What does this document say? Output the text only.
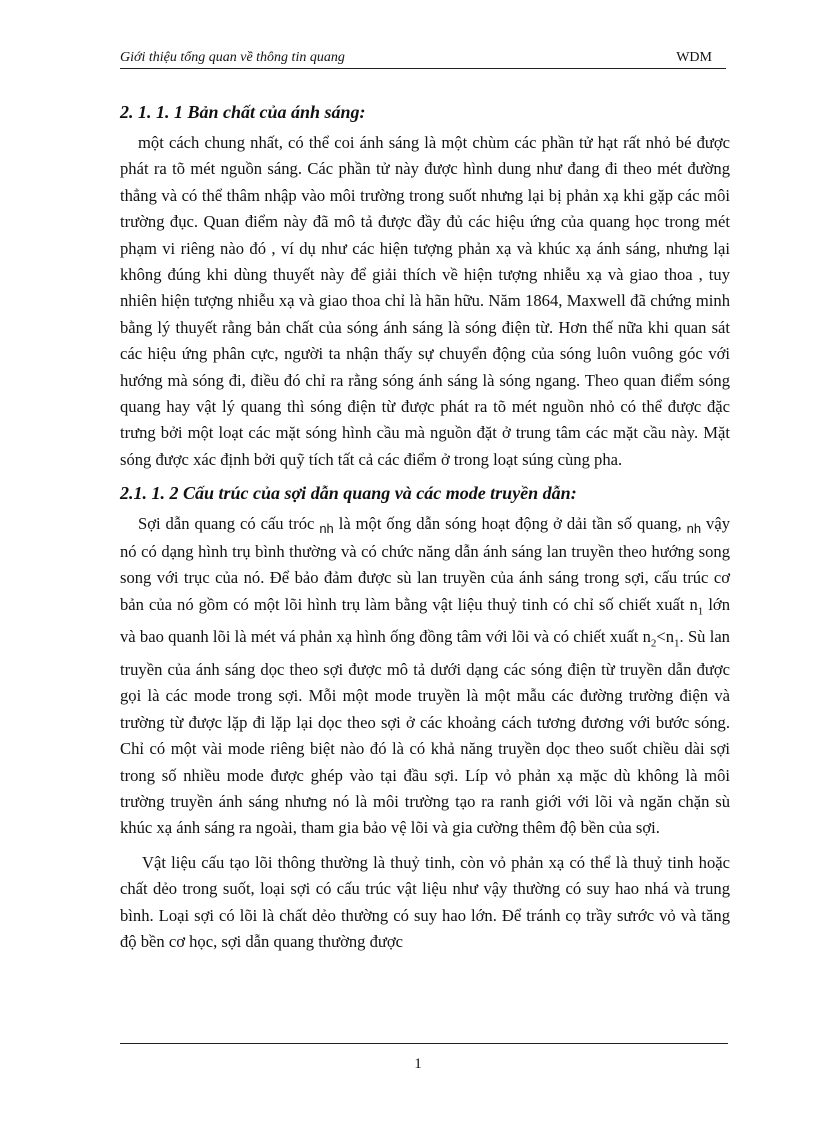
Giới thiệu tổng quan về thông tin quang	WDM
2. 1. 1. 1 Bản chất của ánh sáng:

một cách chung nhất, có thể coi ánh sáng là một chùm các phần tử hạt rất nhỏ bé được phát ra tõ mét nguồn sáng. Các phần tử này được hình dung như đang đi theo mét đường thẳng và có thể thâm nhập vào môi trường trong suốt nhưng lại bị phản xạ khi gặp các môi trường đục. Quan điểm này đã mô tả được đầy đủ các hiệu ứng của quang học trong mét phạm vi riêng nào đó , ví dụ như các hiện tượng phản xạ và khúc xạ ánh sáng, nhưng lại không đúng khi dùng thuyết này để giải thích về hiện tượng nhiễu xạ và giao thoa , tuy nhiên hiện tượng nhiễu xạ và giao thoa chỉ là hãn hữu. Năm 1864, Maxwell đã chứng minh bằng lý thuyết rằng bản chất của sóng ánh sáng là sóng điện từ. Hơn thế nữa khi quan sát các hiệu ứng phân cực, người ta nhận thấy sự chuyển động của sóng luôn vuông góc với hướng mà sóng đi, điều đó chỉ ra rằng sóng ánh sáng là sóng ngang. Theo quan điểm sóng quang hay vật lý quang thì sóng điện từ được phát ra tõ mét nguồn nhỏ có thể được đặc trưng bởi một loạt các mặt sóng hình cầu mà nguồn đặt ở trung tâm các mặt cầu này. Mặt sóng được xác định bởi quỹ tích tất cả các điểm ở trong loạt súng cùng pha.

2.1. 1. 2 Cấu trúc của sợi dẫn quang và các mode truyền dẫn:

Sợi dẫn quang có cấu tróc $_{nh}$ là một ống dẫn sóng hoạt động ở dải tần số quang, $_{nh}$ vậy nó có dạng hình trụ bình thường và có chức năng dẫn ánh sáng lan truyền theo hướng song song với trục của nó. Để bảo đảm được sù lan truyền của ánh sáng trong sợi, cấu trúc cơ bản của nó gồm có một lõi hình trụ làm bằng vật liệu thuỷ tinh có chỉ số chiết xuất $n_1$ lớn và bao quanh lõi là mét vá phản xạ hình ống đồng tâm với lõi và có chiết xuất $n_2<n_1$. Sù lan truyền của ánh sáng dọc theo sợi được mô tả dưới dạng các sóng điện từ truyền dẫn được gọi là các mode trong sợi. Mỗi một mode truyền là một mẫu các đường trường điện và trường từ được lặp đi lặp lại dọc theo sợi ở các khoảng cách tương đương với bước sóng. Chỉ có một vài mode riêng biệt nào đó là có khả năng truyền dọc theo suốt chiều dài sợi trong số nhiều mode được ghép vào tại đầu sợi. Líp vỏ phản xạ mặc dù không là môi trường truyền ánh sáng nhưng nó là môi trường tạo ra ranh giới với lõi và ngăn chặn sù khúc xạ ánh sáng ra ngoài, tham gia bảo vệ lõi và gia cường thêm độ bền của sợi.

Vật liệu cấu tạo lõi thông thường là thuỷ tinh, còn vỏ phản xạ có thể là thuỷ tinh hoặc chất dẻo trong suốt, loại sợi có cấu trúc vật liệu như vậy thường có suy hao nhá và trung bình. Loại sợi có lõi là chất dẻo thường có suy hao lớn. Để tránh cọ trầy sưrớc vỏ và tăng độ bền cơ học, sợi dẫn quang thường được

1
